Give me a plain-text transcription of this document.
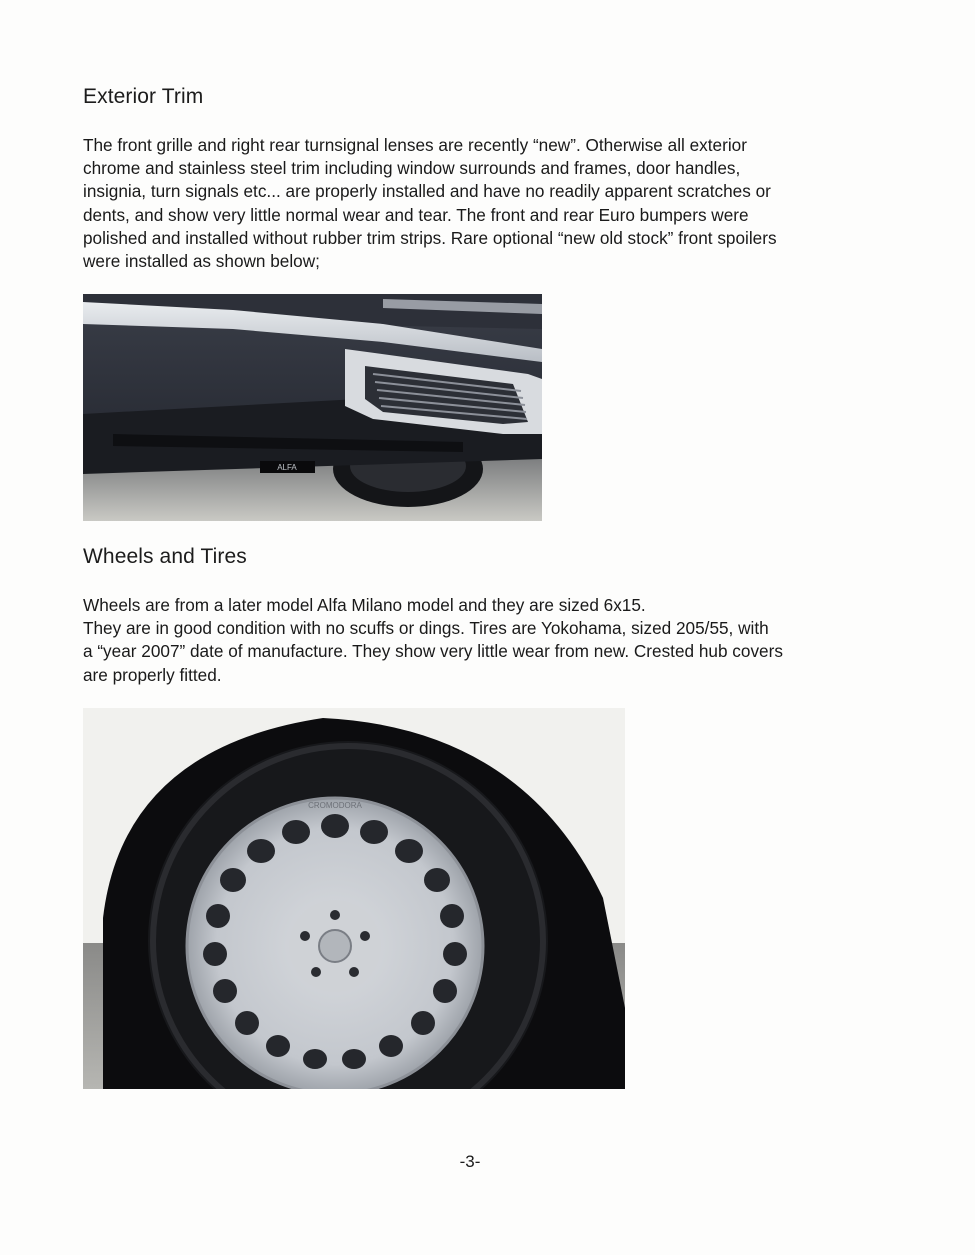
Exterior Trim

The front grille and right rear turnsignal lenses are recently “new”. Otherwise all exterior
chrome and stainless steel trim including window surrounds and frames, door handles,
insignia, turn signals etc... are properly installed and have no readily apparent scratches or
dents, and show very little normal wear and tear. The front and rear Euro bumpers were
polished and installed without rubber trim strips. Rare optional “new old stock” front spoilers
were installed as shown below;

ALFA
Wheels and Tires

Wheels are from a later model Alfa Milano model and they are sized 6x15.
They are in good condition with no scuffs or dings. Tires are Yokohama, sized 205/55, with
a “year 2007” date of manufacture. They show very little wear from new. Crested hub covers
are properly fitted.

CROMODORA
-3-
